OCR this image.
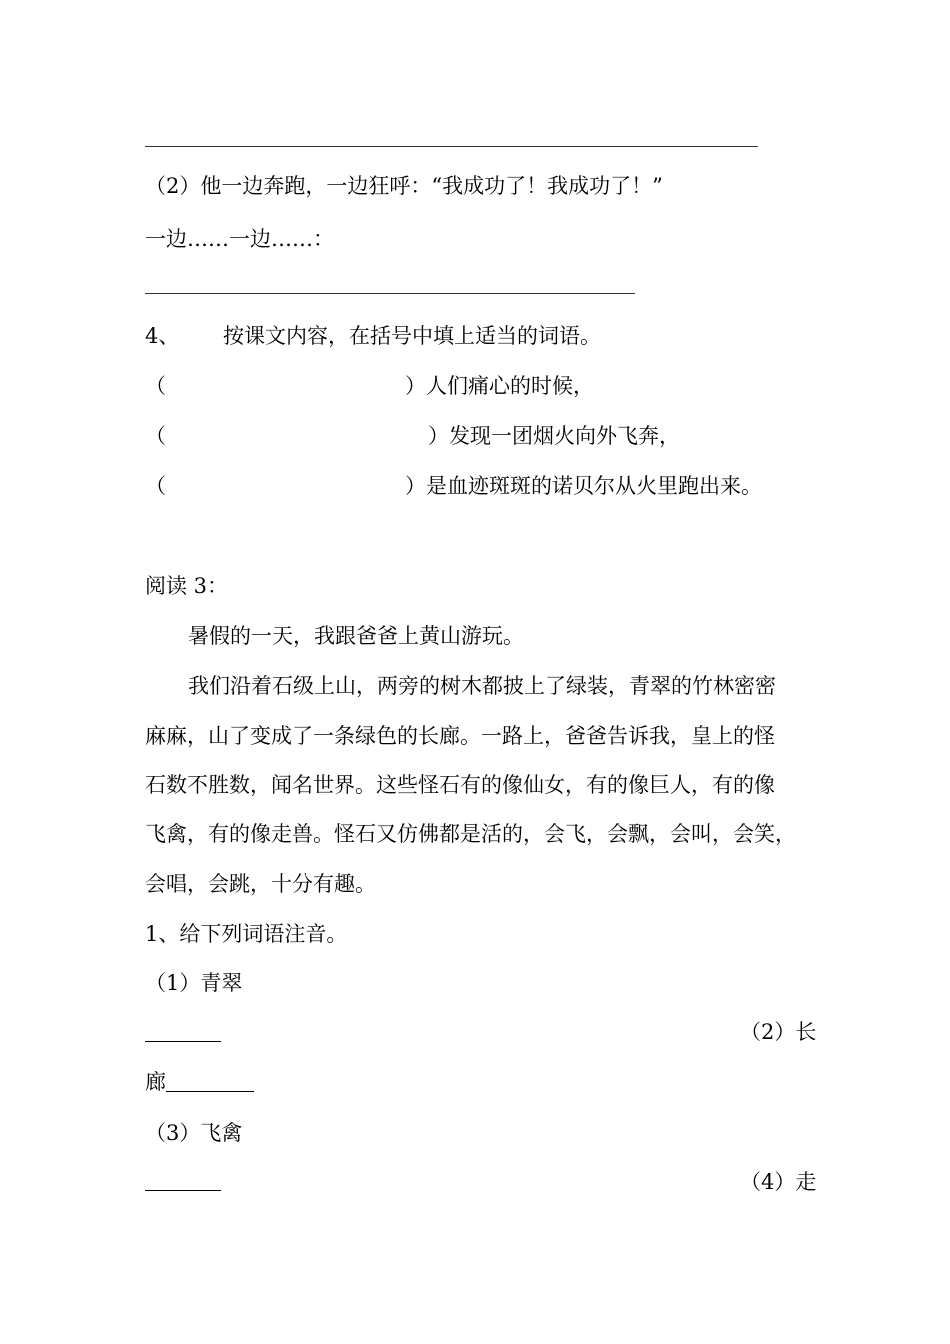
（2）他一边奔跑，一边狂呼：“我成功了！我成功了！”
一边……一边……：
4、 按课文内容，在括号中填上适当的词语。
（	）人们痛心的时候，
（	）发现一团烟火向外飞奔，
（	）是血迹斑斑的诺贝尔从火里跑出来。
阅读 3：
暑假的一天，我跟爸爸上黄山游玩。
我们沿着石级上山，两旁的树木都披上了绿装，青翠的竹林密密
麻麻，山了变成了一条绿色的长廊。一路上，爸爸告诉我，皇上的怪
石数不胜数，闻名世界。这些怪石有的像仙女，有的像巨人，有的像
飞禽，有的像走兽。怪石又仿佛都是活的，会飞，会飘，会叫，会笑，
会唱，会跳，十分有趣。
1、给下列词语注音。
（1）青翠
（2）长
廊
（3）飞禽
（4）走
